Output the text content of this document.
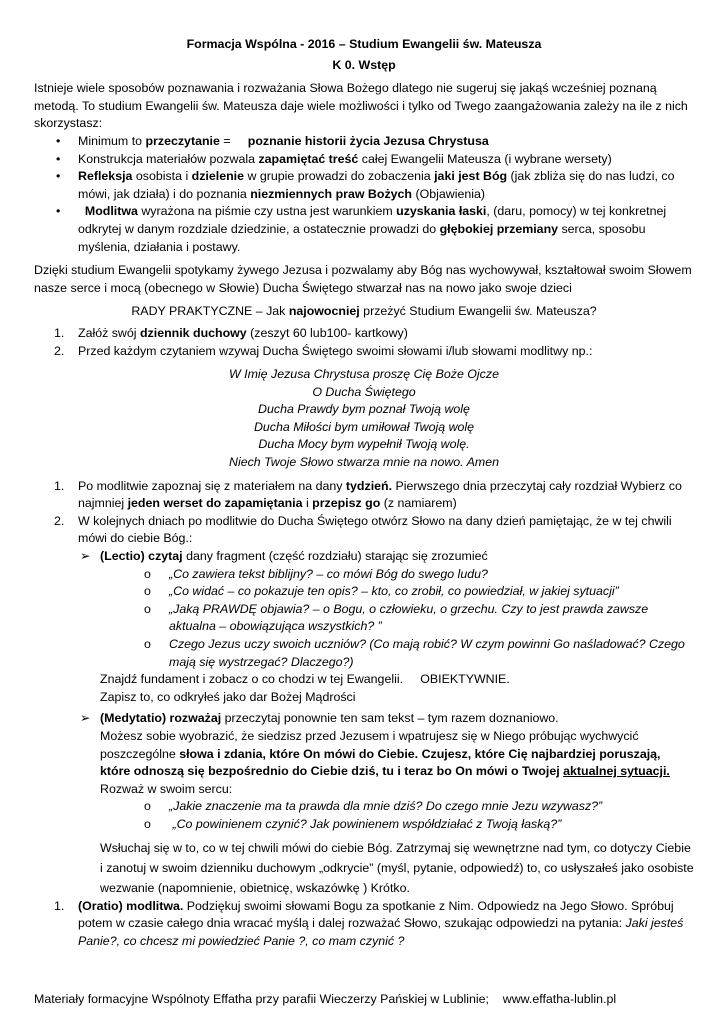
Formacja Wspólna - 2016 – Studium Ewangelii św. Mateusza

K 0. Wstęp

Istnieje wiele sposobów poznawania i rozważania Słowa Bożego dlatego nie sugeruj się jakąś wcześniej poznaną metodą. To studium Ewangelii św. Mateusza daje wiele możliwości i tylko od Twego zaangażowania zależy na ile z nich skorzystasz:

•	Minimum to przeczytanie =     poznanie historii życia Jezusa Chrystusa
•	Konstrukcja materiałów pozwala zapamiętać treść całej Ewangelii Mateusza (i wybrane wersety)
•	Refleksja osobista i dzielenie w grupie prowadzi do zobaczenia jaki jest Bóg (jak zbliża się do nas ludzi, co mówi, jak działa) i do poznania niezmiennych praw Bożych (Objawienia)
•	Modlitwa wyrażona na piśmie czy ustna jest warunkiem uzyskania łaski, (daru, pomocy) w tej konkretnej odkrytej w danym rozdziale dziedzinie, a ostatecznie prowadzi do głębokiej przemiany serca, sposobu myślenia, działania i postawy.

Dzięki studium Ewangelii spotykamy żywego Jezusa i pozwalamy aby Bóg nas wychowywał, kształtował swoim Słowem nasze serce i mocą (obecnego w Słowie) Ducha Świętego stwarzał nas na nowo jako swoje dzieci

RADY PRAKTYCZNE – Jak najowocniej przeżyć Studium Ewangelii św. Mateusza?

1.	Załóż swój dziennik duchowy (zeszyt 60 lub100- kartkowy)
2.	Przed każdym czytaniem wzywaj Ducha Świętego swoimi słowami i/lub słowami modlitwy np.:

W Imię Jezusa Chrystusa proszę Cię Boże Ojcze

O Ducha Świętego

Ducha Prawdy bym poznał Twoją wolę

Ducha Miłości bym umiłował Twoją wolę

Ducha Mocy bym wypełnił Twoją wolę.

Niech Twoje Słowo stwarza mnie na nowo. Amen

1.	Po modlitwie zapoznaj się z materiałem na dany tydzień. Pierwszego dnia przeczytaj cały rozdział Wybierz co najmniej jeden werset do zapamiętania i przepisz go (z namiarem)
2.	W kolejnych dniach po modlitwie do Ducha Świętego otwórz Słowo na dany dzień pamiętając, że w tej chwili mówi do ciebie Bóg.:
➢ (Lectio) czytaj dany fragment (część rozdziału) starając się zrozumieć
o	„Co zawiera tekst biblijny? – co mówi Bóg do swego ludu?
o	„Co widać – co pokazuje ten opis? – kto, co zrobił, co powiedział, w jakiej sytuacji”
o	„Jaką PRAWDĘ objawia? – o Bogu, o człowieku, o grzechu. Czy to jest prawda zawsze aktualna – obowiązująca wszystkich? ”
o	Czego Jezus uczy swoich uczniów? (Co mają robić? W czym powinni Go naśladować? Czego mają się wystrzegać? Dlaczego?)

Znajdź fundament i zobacz o co chodzi w tej Ewangelii.     OBIEKTYWNIE.

Zapisz to, co odkryłeś jako dar Bożej Mądrości

➢ (Medytatio) rozważaj przeczytaj ponownie ten sam tekst – tym razem doznaniowo.

Możesz sobie wyobrazić, że siedzisz przed Jezusem i wpatrujesz się w Niego próbując wychwycić poszczególne słowa i zdania, które On mówi do Ciebie. Czujesz, które Cię najbardziej poruszają, które odnoszą się bezpośrednio do Ciebie dziś, tu i teraz bo On mówi o Twojej aktualnej sytuacji. Rozważ w swoim sercu:

o	„Jakie znaczenie ma ta prawda dla mnie dziś? Do czego mnie Jezu wzywasz?”
o	„Co powinienem czynić? Jak powinienem współdziałać z Twoją łaską?”

Wsłuchaj się w to, co w tej chwili mówi do ciebie Bóg. Zatrzymaj się wewnętrzne nad tym, co dotyczy Ciebie i zanotuj w swoim dzienniku duchowym „odkrycie” (myśl, pytanie, odpowiedź) to, co usłyszałeś jako osobiste wezwanie (napomnienie, obietnicę, wskazówkę ) Krótko.

1.	(Oratio) modlitwa. Podziękuj swoimi słowami Bogu za spotkanie z Nim. Odpowiedz na Jego Słowo. Spróbuj potem w czasie całego dnia wracać myślą i dalej rozważać Słowo, szukając odpowiedzi na pytania: Jaki jesteś Panie?, co chcesz mi powiedzieć Panie ?, co mam czynić ?
Materiały formacyjne Wspólnoty Effatha przy parafii Wieczerzy Pańskiej w Lublinie; www.effatha-lublin.pl
